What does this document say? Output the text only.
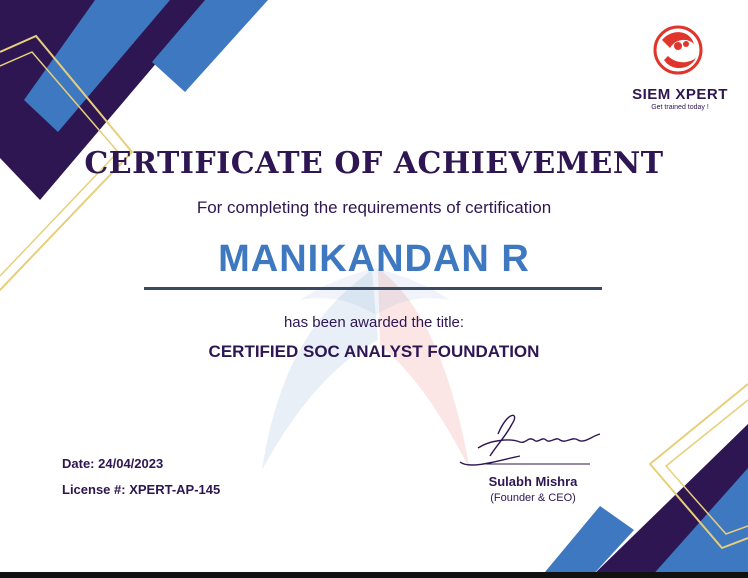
SIEM XPERT
Get trained today !
CERTIFICATE OF ACHIEVEMENT
For completing the requirements of certification
MANIKANDAN R
has been awarded the title:
CERTIFIED SOC ANALYST FOUNDATION
Date: 24/04/2023
License #: XPERT-AP-145
Sulabh Mishra
(Founder & CEO)
